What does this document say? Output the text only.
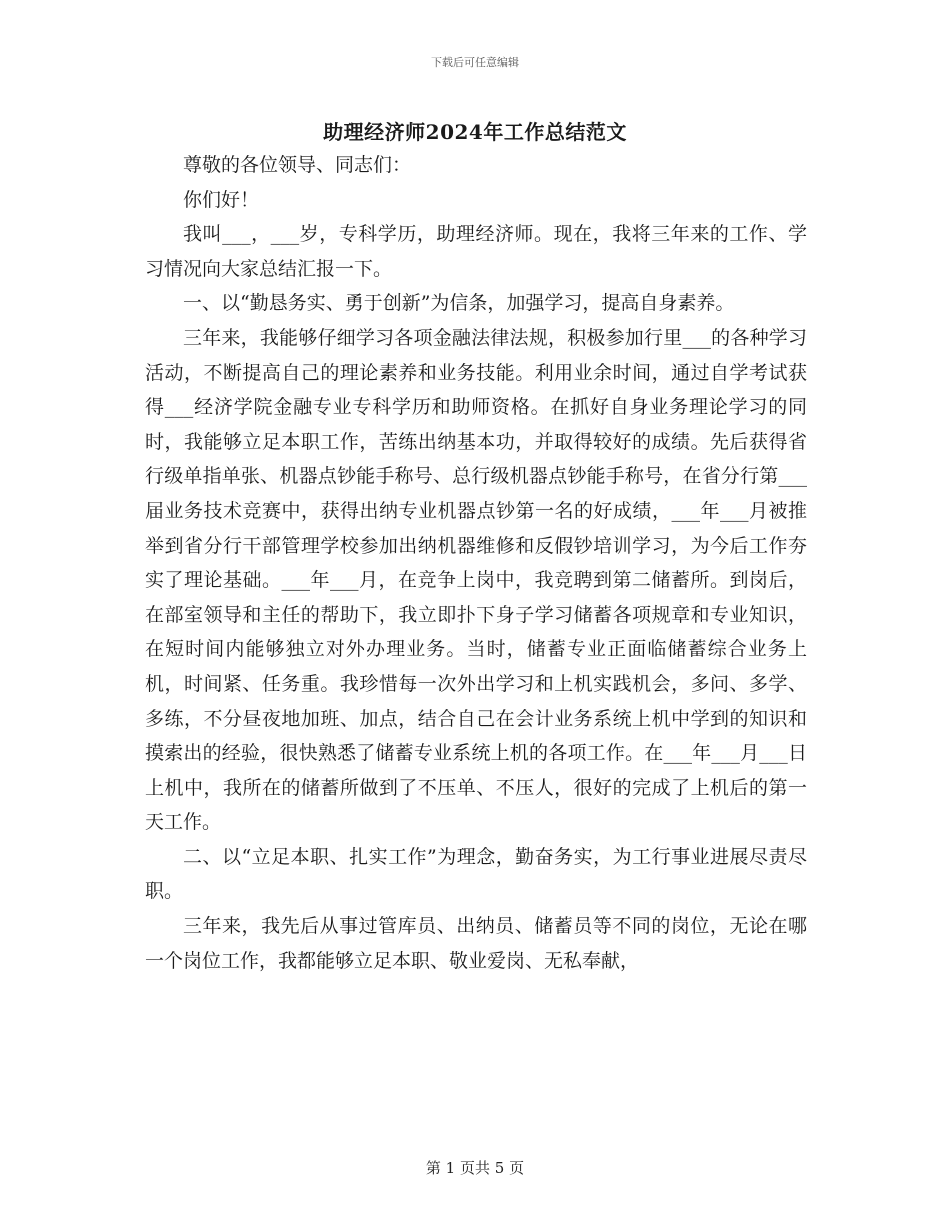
下载后可任意编辑
助理经济师2024年工作总结范文

尊敬的各位领导、同志们：

你们好！

我叫___，___岁，专科学历，助理经济师。现在，我将三年来的工作、学习情况向大家总结汇报一下。

一、以“勤恳务实、勇于创新”为信条，加强学习，提高自身素养。

三年来，我能够仔细学习各项金融法律法规，积极参加行里___的各种学习活动，不断提高自己的理论素养和业务技能。利用业余时间，通过自学考试获得___经济学院金融专业专科学历和助师资格。在抓好自身业务理论学习的同时，我能够立足本职工作，苦练出纳基本功，并取得较好的成绩。先后获得省行级单指单张、机器点钞能手称号、总行级机器点钞能手称号，在省分行第___届业务技术竞赛中，获得出纳专业机器点钞第一名的好成绩，___年___月被推举到省分行干部管理学校参加出纳机器维修和反假钞培训学习，为今后工作夯实了理论基础。___年___月，在竞争上岗中，我竞聘到第二储蓄所。到岗后，在部室领导和主任的帮助下，我立即扑下身子学习储蓄各项规章和专业知识，在短时间内能够独立对外办理业务。当时，储蓄专业正面临储蓄综合业务上机，时间紧、任务重。我珍惜每一次外出学习和上机实践机会，多问、多学、多练，不分昼夜地加班、加点，结合自己在会计业务系统上机中学到的知识和摸索出的经验，很快熟悉了储蓄专业系统上机的各项工作。在___年___月___日上机中，我所在的储蓄所做到了不压单、不压人，很好的完成了上机后的第一天工作。

二、以“立足本职、扎实工作”为理念，勤奋务实，为工行事业进展尽责尽职。

三年来，我先后从事过管库员、出纳员、储蓄员等不同的岗位，无论在哪一个岗位工作，我都能够立足本职、敬业爱岗、无私奉献，

第 1 页共 5 页
